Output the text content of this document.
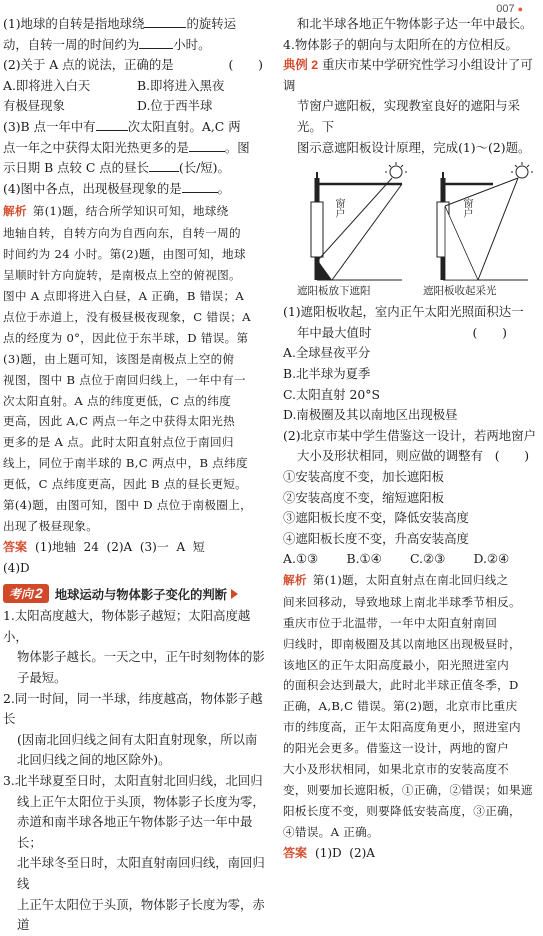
007 ●

(1)地球的自转是指地球绕	的旋转运

动，自转一周的时间约为	小时。

(2)关于 A 点的说法，正确的是	(　　)

A.即将进入白天	B.即将进入黑夜
有极昼现象	D.位于西半球

(3)B 点一年中有	次太阳直射。A,C 两

点一年之中获得太阳光热更多的是	。图

示日期 B 点较 C 点的昼长 (长/短)。

(4)图中各点，出现极昼现象的是	。

解析 第(1)题，结合所学知识可知，地球绕

地轴自转，自转方向为自西向东，自转一周的

时间约为 24 小时。第(2)题，由图可知，地球

呈顺时针方向旋转，是南极点上空的俯视图。

图中 A 点即将进入白昼，A 正确，B 错误；A

点位于赤道上，没有极昼极夜现象，C 错误；A

点的经度为 0°，因此位于东半球，D 错误。第

(3)题，由上题可知，该图是南极点上空的俯

视图，图中 B 点位于南回归线上，一年中有一

次太阳直射。A 点的纬度更低，C 点的纬度

更高，因此 A,C 两点一年之中获得太阳光热

更多的是 A 点。此时太阳直射点位于南回归

线上，同位于南半球的 B,C 两点中，B 点纬度

更低，C 点纬度更高，因此 B 点的昼长更短。

第(4)题，由图可知，图中 D 点位于南极圈上，

出现了极昼现象。

答案 (1)地轴  24  (2)A  (3)一  A  短

(4)D

考向 2 地球运动与物体影子变化的判断

1.太阳高度越大，物体影子越短；太阳高度越小，

物体影子越长。一天之中，正午时刻物体的影

子最短。

2.同一时间，同一半球，纬度越高，物体影子越长

(因南北回归线之间有太阳直射现象，所以南

北回归线之间的地区除外)。

3.北半球夏至日时，太阳直射北回归线，北回归

线上正午太阳位于头顶，物体影子长度为零，

赤道和南半球各地正午物体影子达一年中最长；

北半球冬至日时，太阳直射南回归线，南回归线

上正午太阳位于头顶，物体影子长度为零，赤道

和北半球各地正午物体影子达一年中最长。

4.物体影子的朝向与太阳所在的方位相反。

典例 2 重庆市某中学研究性学习小组设计了可调

节窗户遮阳板，实现教室良好的遮阳与采光。下

图示意遮阳板设计原理，完成(1)～(2)题。

窗户	窗户
遮阳板放下遮阳	遮阳板收起采光

(1)遮阳板收起，室内正午太阳光照面积达一

年中最大值时	(　　)

A.全球昼夜平分

B.北半球为夏季

C.太阳直射 20°S

D.南极圈及其以南地区出现极昼

(2)北京市某中学生借鉴这一设计，若两地窗户

大小及形状相同，则应做的调整有 (　　)

①安装高度不变，加长遮阳板

②安装高度不变，缩短遮阳板

③遮阳板长度不变，降低安装高度

④遮阳板长度不变，升高安装高度

A.①③	B.①④	C.②③	D.②④

解析 第(1)题，太阳直射点在南北回归线之

间来回移动，导致地球上南北半球季节相反。

重庆市位于北温带，一年中太阳直射南回

归线时，即南极圈及其以南地区出现极昼时，

该地区的正午太阳高度最小，阳光照进室内

的面积会达到最大，此时北半球正值冬季，D

正确，A,B,C 错误。第(2)题，北京市比重庆

市的纬度高，正午太阳高度角更小，照进室内

的阳光会更多。借鉴这一设计，两地的窗户

大小及形状相同，如果北京市的安装高度不

变，则要加长遮阳板，①正确，②错误；如果遮

阳板长度不变，则要降低安装高度，③正确，

④错误。A 正确。

答案 (1)D  (2)A
